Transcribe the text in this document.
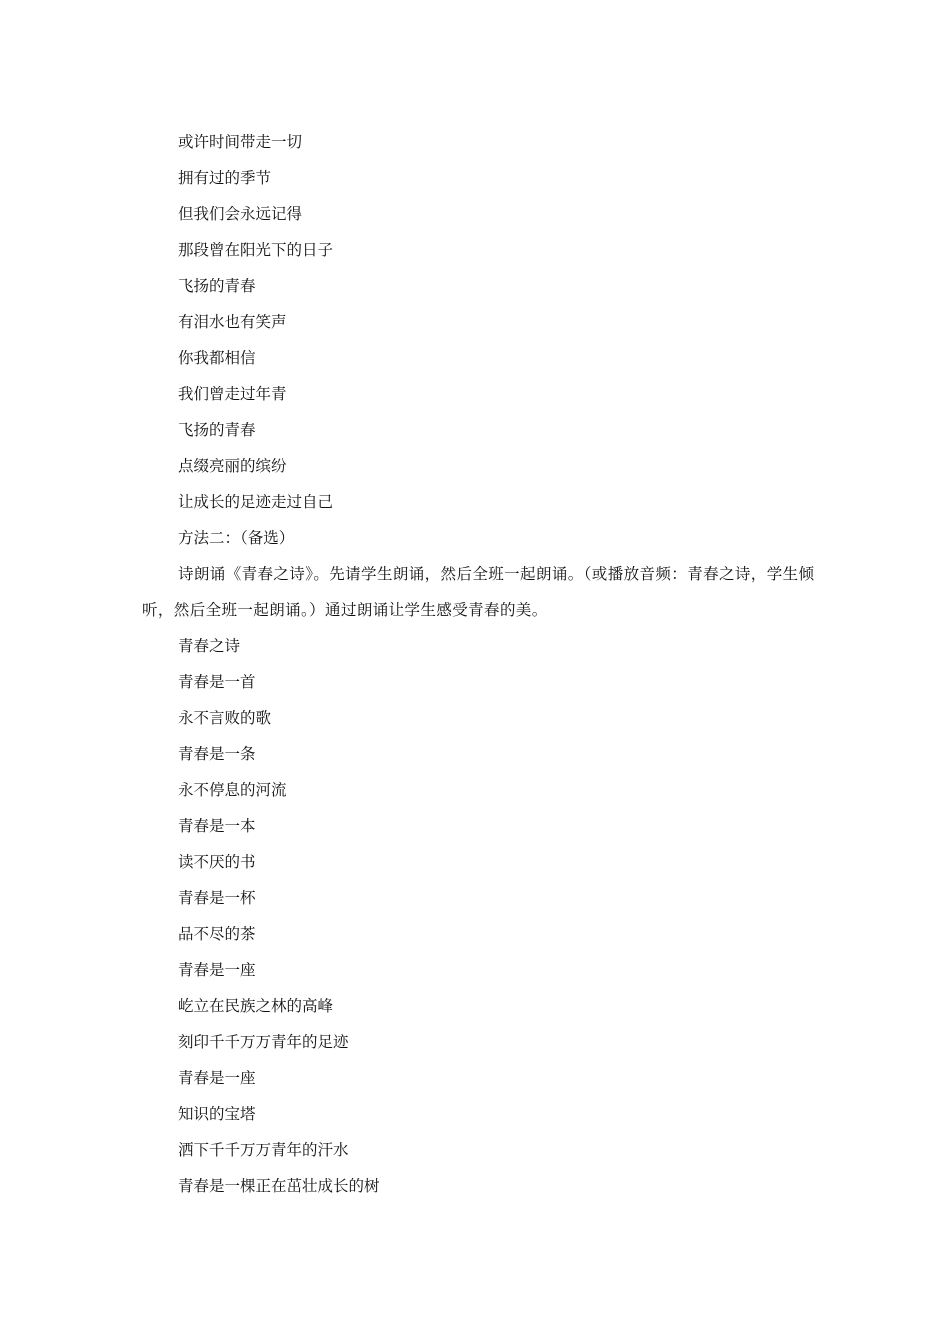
或许时间带走一切
拥有过的季节
但我们会永远记得
那段曾在阳光下的日子
飞扬的青春
有泪水也有笑声
你我都相信
我们曾走过年青
飞扬的青春
点缀亮丽的缤纷
让成长的足迹走过自己
方法二：（备选）
诗朗诵《青春之诗》。先请学生朗诵，然后全班一起朗诵。（或播放音频：青春之诗，学生倾听，然后全班一起朗诵。）通过朗诵让学生感受青春的美。
青春之诗
青春是一首
永不言败的歌
青春是一条
永不停息的河流
青春是一本
读不厌的书
青春是一杯
品不尽的茶
青春是一座
屹立在民族之林的高峰
刻印千千万万青年的足迹
青春是一座
知识的宝塔
洒下千千万万青年的汗水
青春是一棵正在茁壮成长的树
